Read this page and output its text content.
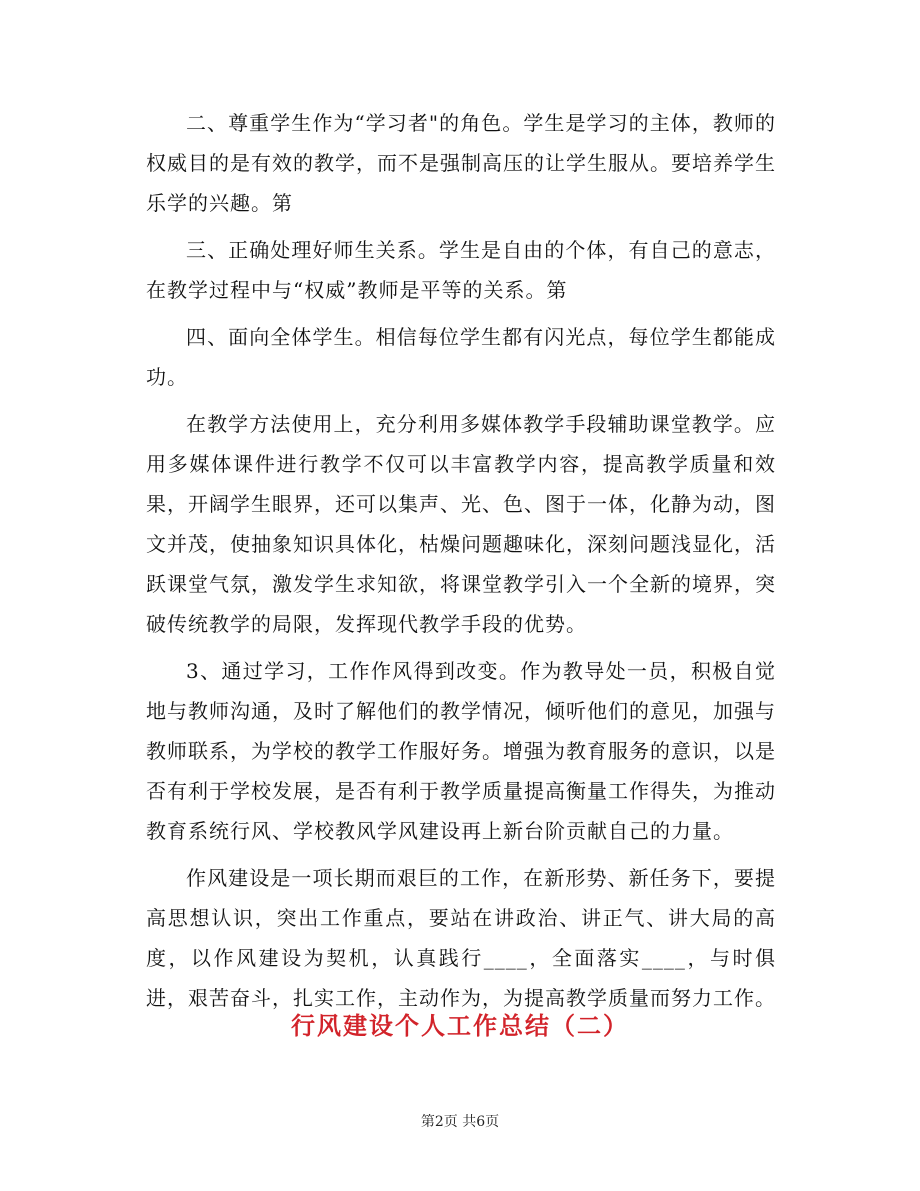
二、尊重学生作为“学习者"的角色。学生是学习的主体，教师的权威目的是有效的教学，而不是强制高压的让学生服从。要培养学生乐学的兴趣。第

三、正确处理好师生关系。学生是自由的个体，有自己的意志，在教学过程中与“权威”教师是平等的关系。第

四、面向全体学生。相信每位学生都有闪光点，每位学生都能成功。

在教学方法使用上，充分利用多媒体教学手段辅助课堂教学。应用多媒体课件进行教学不仅可以丰富教学内容，提高教学质量和效果，开阔学生眼界，还可以集声、光、色、图于一体，化静为动，图文并茂，使抽象知识具体化，枯燥问题趣味化，深刻问题浅显化，活跃课堂气氛，激发学生求知欲，将课堂教学引入一个全新的境界，突破传统教学的局限，发挥现代教学手段的优势。

3、通过学习，工作作风得到改变。作为教导处一员，积极自觉地与教师沟通，及时了解他们的教学情况，倾听他们的意见，加强与教师联系，为学校的教学工作服好务。增强为教育服务的意识，以是否有利于学校发展，是否有利于教学质量提高衡量工作得失，为推动教育系统行风、学校教风学风建设再上新台阶贡献自己的力量。

作风建设是一项长期而艰巨的工作，在新形势、新任务下，要提高思想认识，突出工作重点，要站在讲政治、讲正气、讲大局的高度，以作风建设为契机，认真践行____，全面落实____，与时俱进，艰苦奋斗，扎实工作，主动作为，为提高教学质量而努力工作。

行风建设个人工作总结（二）
第2页 共6页
